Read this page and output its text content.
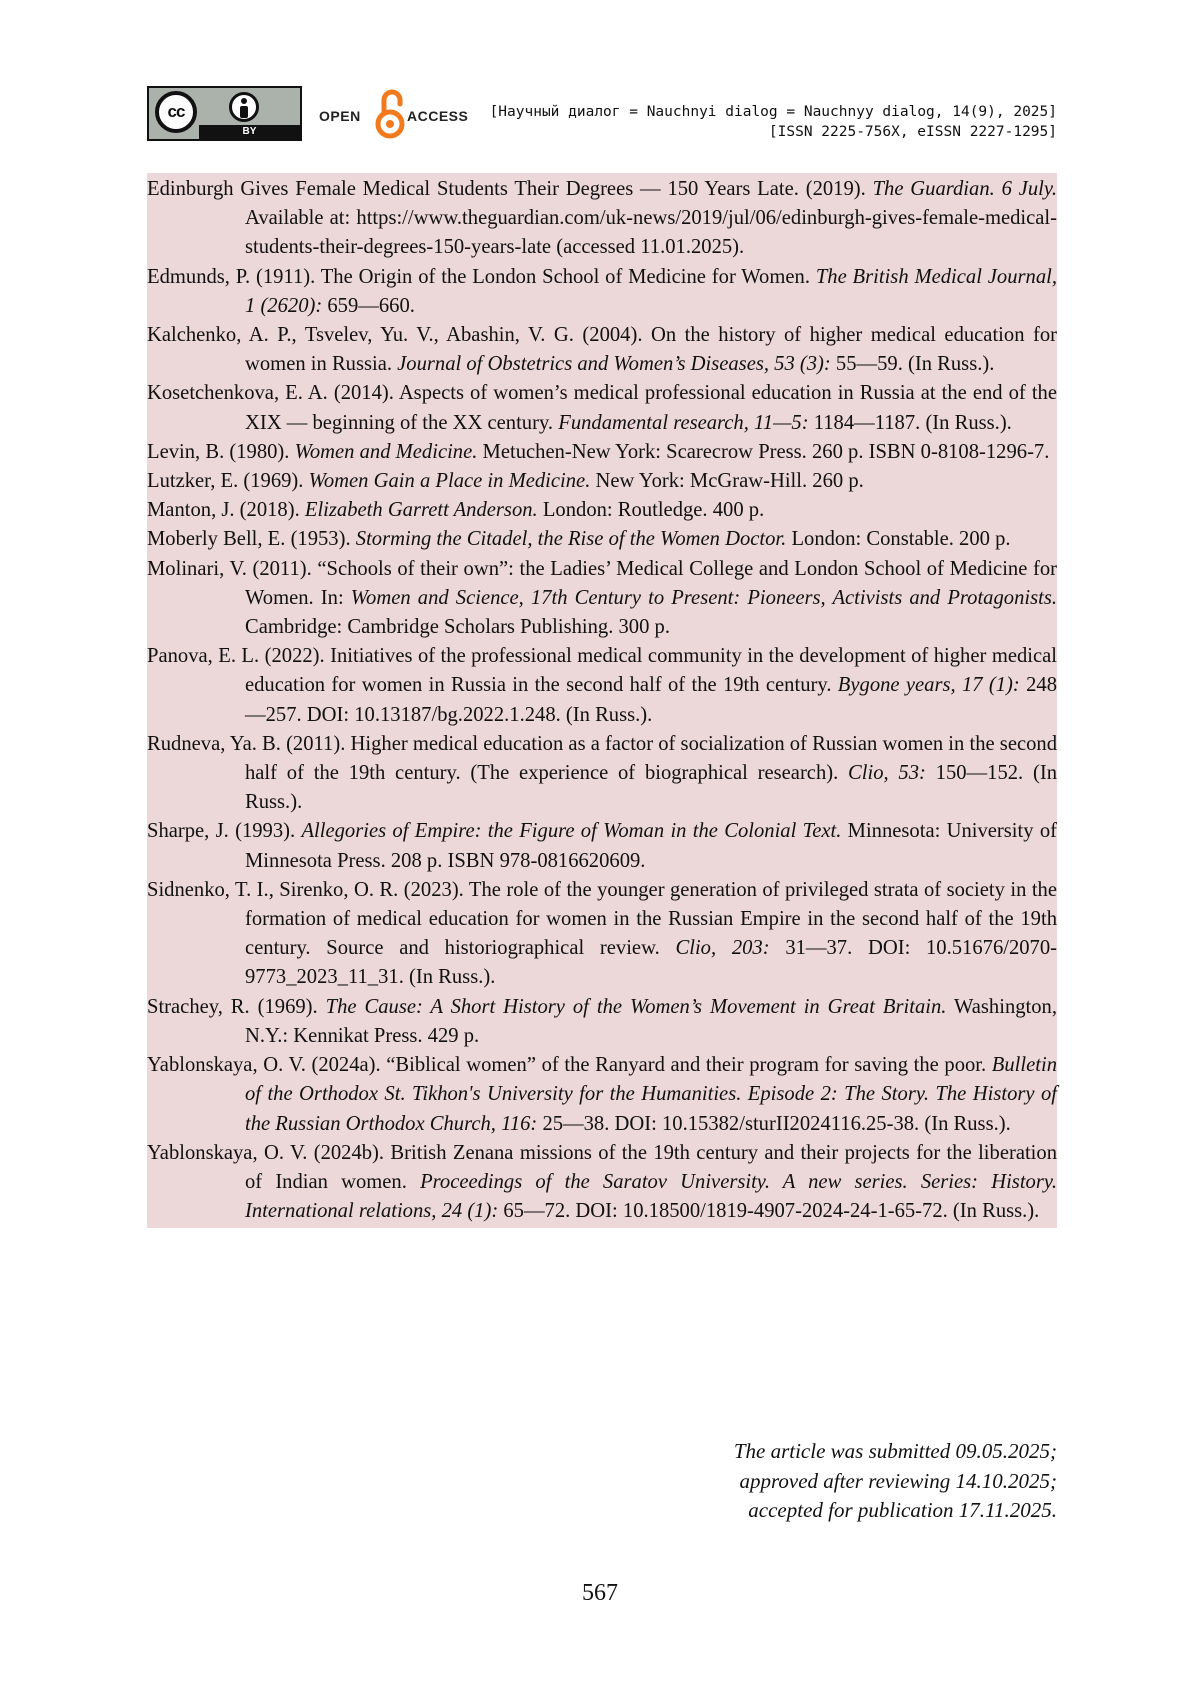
cc
BY
OPEN	ACCESS [Научный диалог = Nauchnyi dialog = Nauchnyy dialog, 14(9), 2025]
[ISSN 2225-756X, eISSN 2227-1295]

Edinburgh Gives Female Medical Students Their Degrees — 150 Years Late. (2019). The Guardian. 6 July. Available at: https://www.theguardian.com/uk-news/2019/jul/06/edinburgh-gives-female-medical-students-their-degrees-150-years-late (accessed 11.01.2025).

Edmunds, P. (1911). The Origin of the London School of Medicine for Women. The British Medical Journal, 1 (2620): 659—660.

Kalchenko, A. P., Tsvelev, Yu. V., Abashin, V. G. (2004). On the history of higher medical education for women in Russia. Journal of Obstetrics and Women’s Diseases, 53 (3): 55—59. (In Russ.).

Kosetchenkova, E. A. (2014). Aspects of women’s medical professional education in Russia at the end of the XIX — beginning of the XX century. Fundamental research, 11—5: 1184—1187. (In Russ.).

Levin, B. (1980). Women and Medicine. Metuchen-New York: Scarecrow Press. 260 p. ISBN 0-8108-1296-7.

Lutzker, E. (1969). Women Gain a Place in Medicine. New York: McGraw-Hill. 260 p.

Manton, J. (2018). Elizabeth Garrett Anderson. London: Routledge. 400 p.

Moberly Bell, E. (1953). Storming the Citadel, the Rise of the Women Doctor. London: Constable. 200 p.

Molinari, V. (2011). “Schools of their own”: the Ladies’ Medical College and London School of Medicine for Women. In: Women and Science, 17th Century to Present: Pioneers, Activists and Protagonists. Cambridge: Cambridge Scholars Publishing. 300 p.

Panova, E. L. (2022). Initiatives of the professional medical community in the development of higher medical education for women in Russia in the second half of the 19th century. Bygone years, 17 (1): 248—257. DOI: 10.13187/bg.2022.1.248. (In Russ.).

Rudneva, Ya. B. (2011). Higher medical education as a factor of socialization of Russian women in the second half of the 19th century. (The experience of biographical research). Clio, 53: 150—152. (In Russ.).

Sharpe, J. (1993). Allegories of Empire: the Figure of Woman in the Colonial Text. Minnesota: University of Minnesota Press. 208 p. ISBN 978-0816620609.

Sidnenko, T. I., Sirenko, O. R. (2023). The role of the younger generation of privileged strata of society in the formation of medical education for women in the Russian Empire in the second half of the 19th century. Source and historiographical review. Clio, 203: 31—37. DOI: 10.51676/2070-9773_2023_11_31. (In Russ.).

Strachey, R. (1969). The Cause: A Short History of the Women’s Movement in Great Britain. Washington, N.Y.: Kennikat Press. 429 p.

Yablonskaya, O. V. (2024a). “Biblical women” of the Ranyard and their program for saving the poor. Bulletin of the Orthodox St. Tikhon's University for the Humanities. Episode 2: The Story. The History of the Russian Orthodox Church, 116: 25—38. DOI: 10.15382/sturII2024116.25-38. (In Russ.).

Yablonskaya, O. V. (2024b). British Zenana missions of the 19th century and their projects for the liberation of Indian women. Proceedings of the Saratov University. A new series. Series: History. International relations, 24 (1): 65—72. DOI: 10.18500/1819-4907-2024-24-1-65-72. (In Russ.).

The article was submitted 09.05.2025;
approved after reviewing 14.10.2025;
accepted for publication 17.11.2025.
567
